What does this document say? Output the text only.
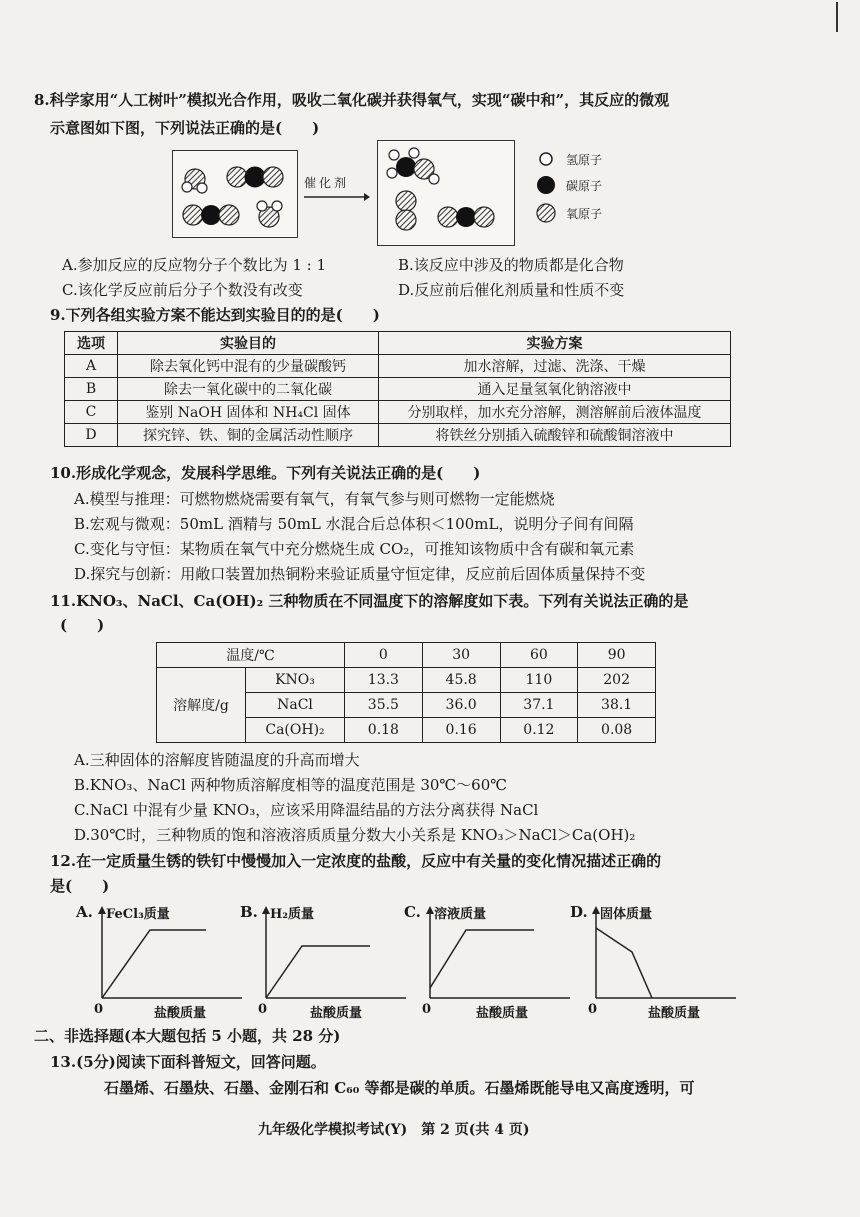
8.科学家用“人工树叶”模拟光合作用，吸收二氧化碳并获得氧气，实现“碳中和”，其反应的微观
示意图如下图，下列说法正确的是(　　)
催化剂
氢原子
碳原子
氧原子
A.参加反应的反应物分子个数比为 1 : 1	B.该反应中涉及的物质都是化合物
C.该化学反应前后分子个数没有改变	D.反应前后催化剂质量和性质不变
9.下列各组实验方案不能达到实验目的的是(　　)
选项	实验目的	实验方案
A	除去氧化钙中混有的少量碳酸钙	加水溶解，过滤、洗涤、干燥
B	除去一氧化碳中的二氧化碳	通入足量氢氧化钠溶液中
C	鉴别 NaOH 固体和 NH₄Cl 固体	分别取样，加水充分溶解，测溶解前后液体温度
D	探究锌、铁、铜的金属活动性顺序	将铁丝分别插入硫酸锌和硫酸铜溶液中
10.形成化学观念，发展科学思维。下列有关说法正确的是(　　)
A.模型与推理：可燃物燃烧需要有氧气，有氧气参与则可燃物一定能燃烧
B.宏观与微观：50mL 酒精与 50mL 水混合后总体积＜100mL，说明分子间有间隔
C.变化与守恒：某物质在氧气中充分燃烧生成 CO₂，可推知该物质中含有碳和氧元素
D.探究与创新：用敞口装置加热铜粉来验证质量守恒定律，反应前后固体质量保持不变
11.KNO₃、NaCl、Ca(OH)₂ 三种物质在不同温度下的溶解度如下表。下列有关说法正确的是
(　　)
温度/℃		0	30	60	90
溶解度/g	KNO₃	13.3	45.8	110	202
	NaCl	35.5	36.0	37.1	38.1
	Ca(OH)₂	0.18	0.16	0.12	0.08
A.三种固体的溶解度皆随温度的升高而增大
B.KNO₃、NaCl 两种物质溶解度相等的温度范围是 30℃～60℃
C.NaCl 中混有少量 KNO₃，应该采用降温结晶的方法分离获得 NaCl
D.30℃时，三种物质的饱和溶液溶质质量分数大小关系是 KNO₃＞NaCl＞Ca(OH)₂
12.在一定质量生锈的铁钉中慢慢加入一定浓度的盐酸，反应中有关量的变化情况描述正确的
是(　　)
A. FeCl₃质量
0	盐酸质量
B. H₂质量
0	盐酸质量
C. 溶液质量
0	盐酸质量
D. 固体质量
0	盐酸质量
二、非选择题(本大题包括 5 小题，共 28 分)
13.(5分)阅读下面科普短文，回答问题。
石墨烯、石墨炔、石墨、金刚石和 C₆₀ 等都是碳的单质。石墨烯既能导电又高度透明，可
九年级化学模拟考试(Y)　第 2 页(共 4 页)
